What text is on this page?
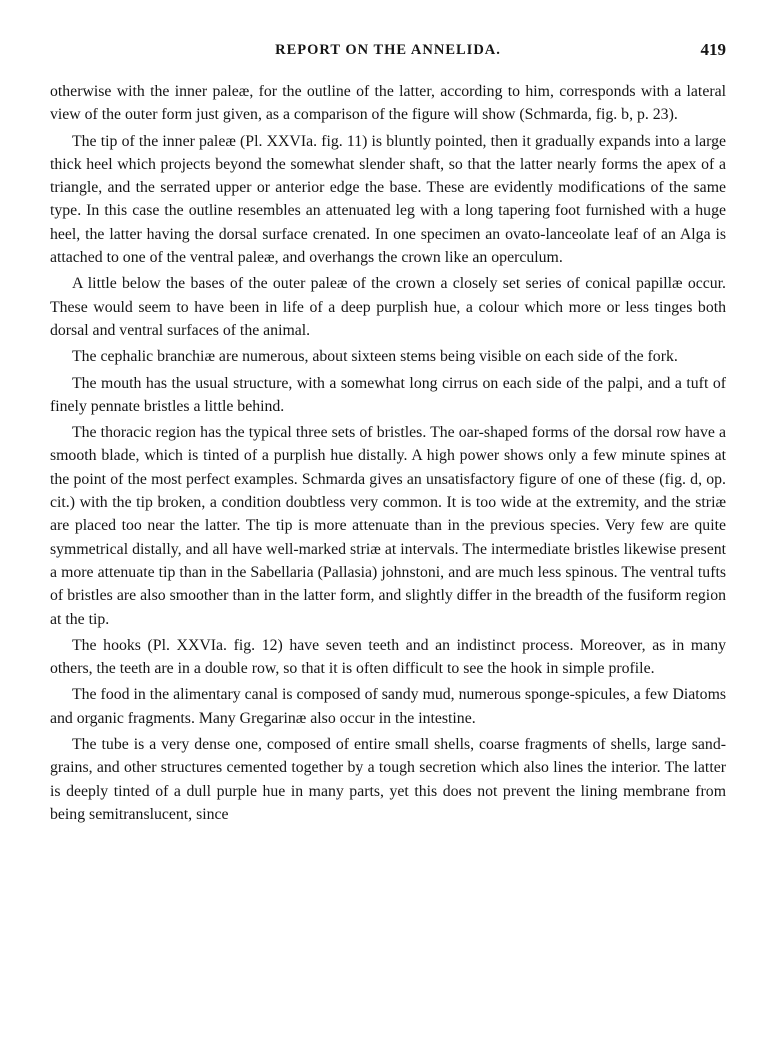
REPORT ON THE ANNELIDA.	419

otherwise with the inner paleæ, for the outline of the latter, according to him, corresponds with a lateral view of the outer form just given, as a comparison of the figure will show (Schmarda, fig. b, p. 23).

The tip of the inner paleæ (Pl. XXVIa. fig. 11) is bluntly pointed, then it gradually expands into a large thick heel which projects beyond the somewhat slender shaft, so that the latter nearly forms the apex of a triangle, and the serrated upper or anterior edge the base. These are evidently modifications of the same type. In this case the outline resembles an attenuated leg with a long tapering foot furnished with a huge heel, the latter having the dorsal surface crenated. In one specimen an ovato-lanceolate leaf of an Alga is attached to one of the ventral paleæ, and overhangs the crown like an operculum.

A little below the bases of the outer paleæ of the crown a closely set series of conical papillæ occur. These would seem to have been in life of a deep purplish hue, a colour which more or less tinges both dorsal and ventral surfaces of the animal.

The cephalic branchiæ are numerous, about sixteen stems being visible on each side of the fork.

The mouth has the usual structure, with a somewhat long cirrus on each side of the palpi, and a tuft of finely pennate bristles a little behind.

The thoracic region has the typical three sets of bristles. The oar-shaped forms of the dorsal row have a smooth blade, which is tinted of a purplish hue distally. A high power shows only a few minute spines at the point of the most perfect examples. Schmarda gives an unsatisfactory figure of one of these (fig. d, op. cit.) with the tip broken, a condition doubtless very common. It is too wide at the extremity, and the striæ are placed too near the latter. The tip is more attenuate than in the previous species. Very few are quite symmetrical distally, and all have well-marked striæ at intervals. The intermediate bristles likewise present a more attenuate tip than in the Sabellaria (Pallasia) johnstoni, and are much less spinous. The ventral tufts of bristles are also smoother than in the latter form, and slightly differ in the breadth of the fusiform region at the tip.

The hooks (Pl. XXVIa. fig. 12) have seven teeth and an indistinct process. Moreover, as in many others, the teeth are in a double row, so that it is often difficult to see the hook in simple profile.

The food in the alimentary canal is composed of sandy mud, numerous sponge-spicules, a few Diatoms and organic fragments. Many Gregarinæ also occur in the intestine.

The tube is a very dense one, composed of entire small shells, coarse fragments of shells, large sand-grains, and other structures cemented together by a tough secretion which also lines the interior. The latter is deeply tinted of a dull purple hue in many parts, yet this does not prevent the lining membrane from being semitranslucent, since
